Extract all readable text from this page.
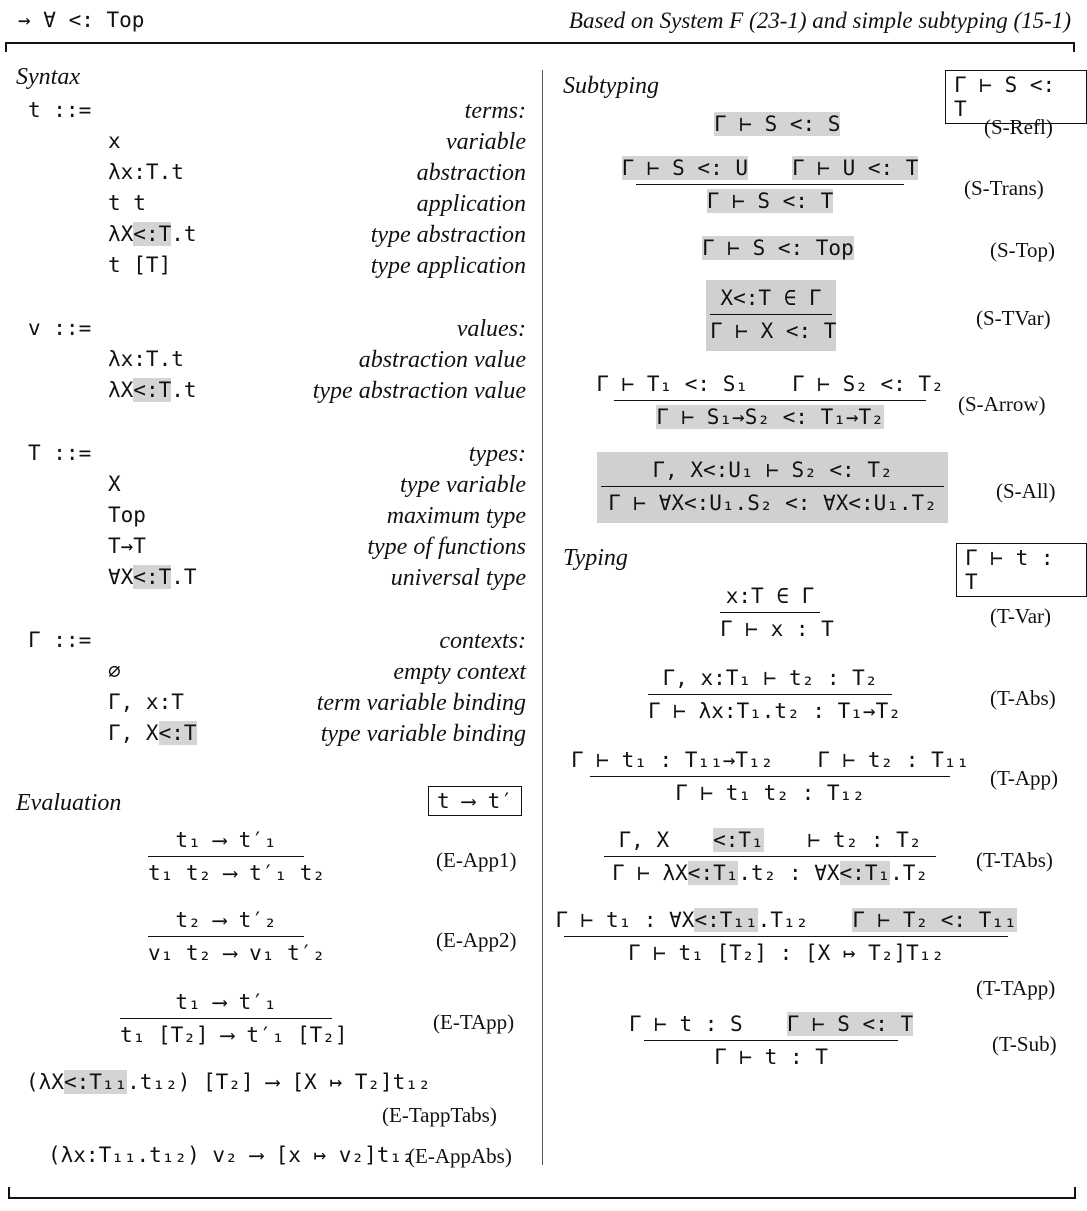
→ ∀ <: Top	Based on System F (23-1) and simple subtyping (15-1)
Syntax
t ::=	terms:
x	variable
λx:T.t	abstraction
t t	application
λX<:T.t	type abstraction
t [T]	type application
v ::=	values:
λx:T.t	abstraction value
λX<:T.t	type abstraction value
T ::=	types:
X	type variable
Top	maximum type
T→T	type of functions
∀X<:T.T	universal type
Γ ::=	contexts:
∅	empty context
Γ, x:T	term variable binding
Γ, X<:T	type variable binding
Evaluation	t ⟶ t′
t₁ ⟶ t′₁
t₁ t₂ ⟶ t′₁ t₂
(E-App1)
t₂ ⟶ t′₂
v₁ t₂ ⟶ v₁ t′₂
(E-App2)
t₁ ⟶ t′₁
t₁ [T₂] ⟶ t′₁ [T₂]
(E-TApp)
(λX<:T₁₁.t₁₂) [T₂] ⟶ [X ↦ T₂]t₁₂
(E-TappTabs)
(λx:T₁₁.t₁₂) v₂ ⟶ [x ↦ v₂]t₁₂
(E-AppAbs)
Subtyping	Γ ⊢ S <: T
Γ ⊢ S <: S	(S-Refl)
Γ ⊢ S <: U Γ ⊢ U <: T
Γ ⊢ S <: T
(S-Trans)
Γ ⊢ S <: Top	(S-Top)
X<:T ∈ Γ
Γ ⊢ X <: T
(S-TVar)
Γ ⊢ T₁ <: S₁ Γ ⊢ S₂ <: T₂
Γ ⊢ S₁→S₂ <: T₁→T₂
(S-Arrow)
Γ, X<:U₁ ⊢ S₂ <: T₂
Γ ⊢ ∀X<:U₁.S₂ <: ∀X<:U₁.T₂	(S-All)
Typing	Γ ⊢ t : T
x:T ∈ Γ
Γ ⊢ x : T
(T-Var)
Γ, x:T₁ ⊢ t₂ : T₂
Γ ⊢ λx:T₁.t₂ : T₁→T₂
(T-Abs)
Γ ⊢ t₁ : T₁₁→T₁₂ Γ ⊢ t₂ : T₁₁
Γ ⊢ t₁ t₂ : T₁₂
(T-App)
Γ, X <:T₁ ⊢ t₂ : T₂
Γ ⊢ λX<:T₁.t₂ : ∀X<:T₁.T₂
(T-TAbs)
Γ ⊢ t₁ : ∀X<:T₁₁.T₁₂ Γ ⊢ T₂ <: T₁₁
Γ ⊢ t₁ [T₂] : [X ↦ T₂]T₁₂
(T-TApp)
Γ ⊢ t : S Γ ⊢ S <: T
Γ ⊢ t : T
(T-Sub)
